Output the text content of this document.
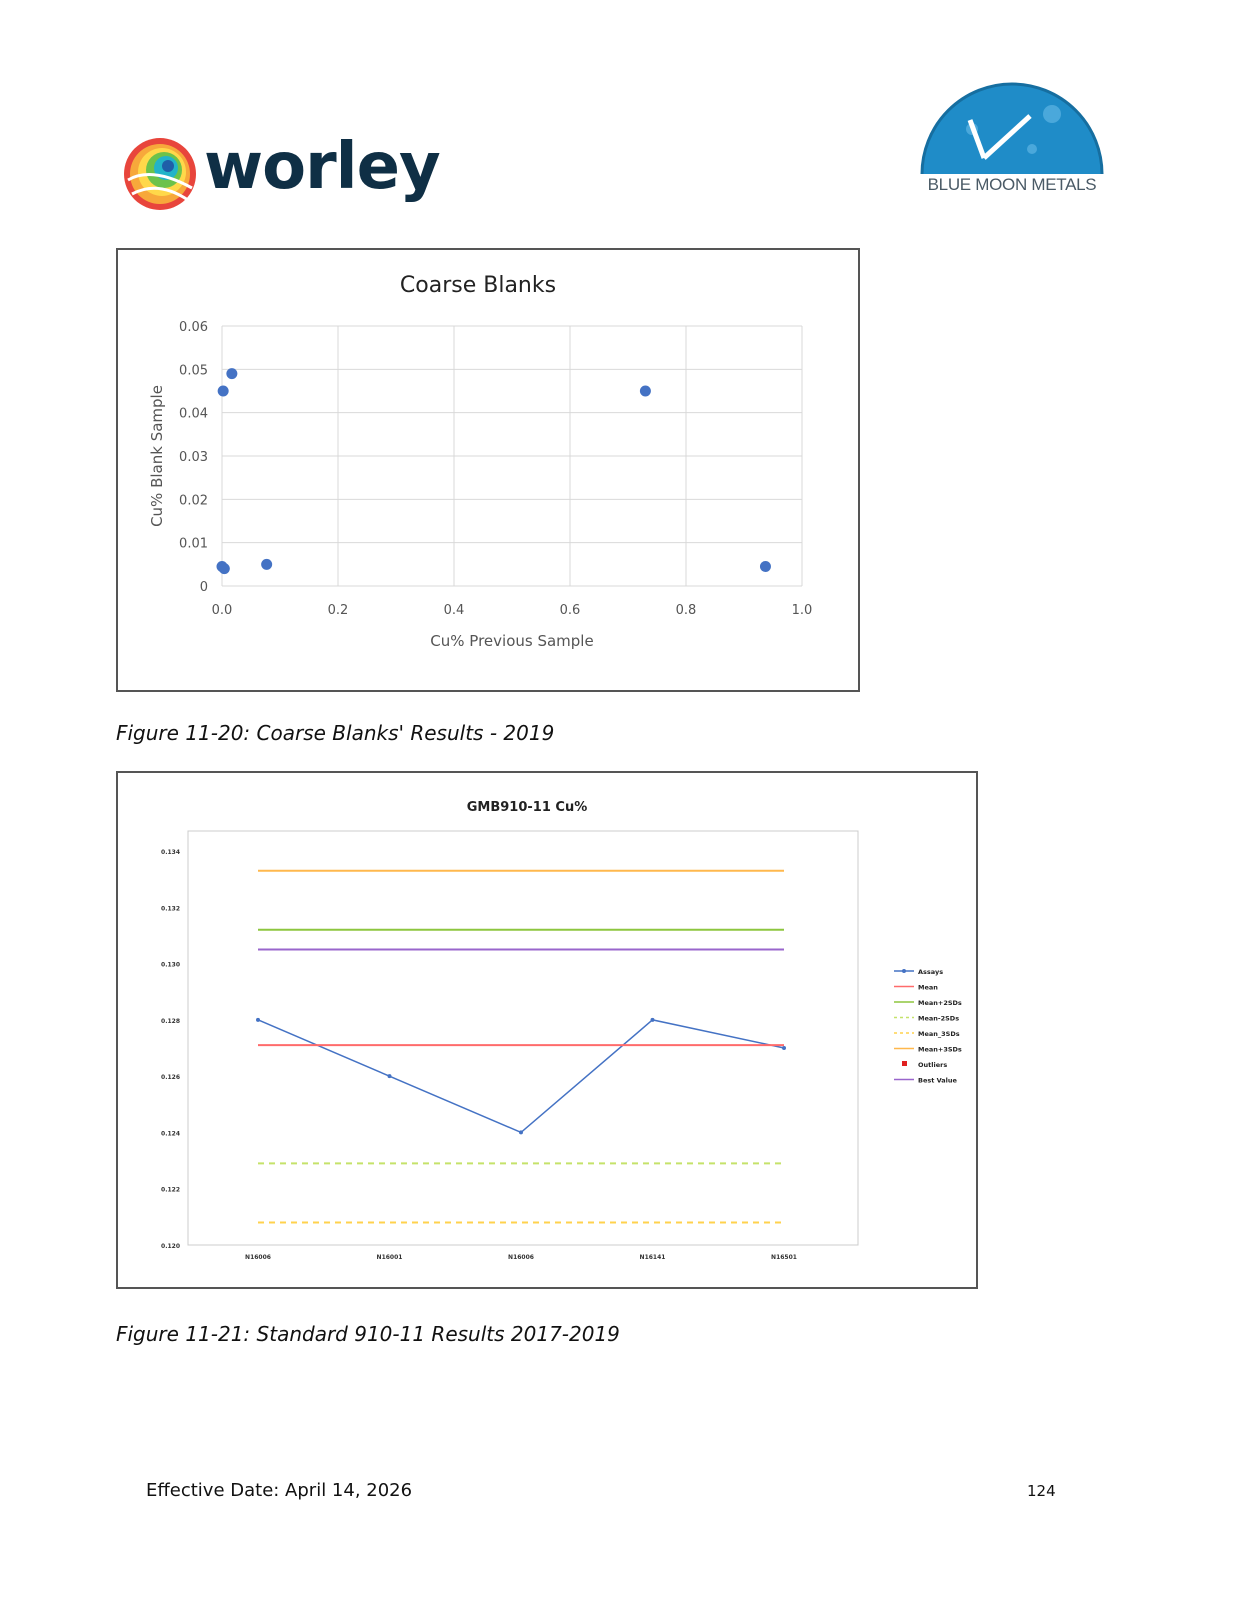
worley	BLUE MOON METALS
Coarse Blanks
0
0.01
0.02
0.03
0.04
0.05
0.06
0.0	0.2	0.4	0.6	0.8	1.0
Cu% Previous Sample
Cu% Blank Sample
Figure 11-20: Coarse Blanks' Results - 2019
GMB910-11 Cu%
0.120
0.122
0.124
0.126
0.128
0.130
0.132
0.134
N16006	N16001	N16006	N16141	N16501
Assays
Mean
Mean+2SDs
Mean-2SDs
Mean_3SDs
Mean+3SDs
Outliers
Best Value
Figure 11-21: Standard 910-11 Results 2017-2019
Effective Date: April 14, 2026	124
